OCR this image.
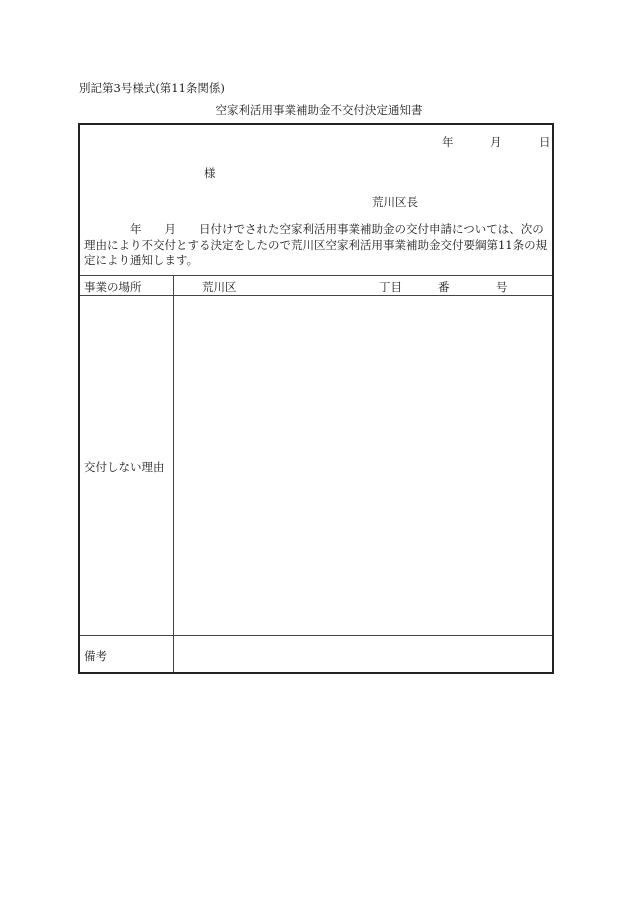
別記第3号様式(第11条関係)
空家利活用事業補助金不交付決定通知書
年	月	日
様
荒川区長
　　　　年　　月　　日付けでされた空家利活用事業補助金の交付申請については、次の理由により不交付とする決定をしたので荒川区空家利活用事業補助金交付要綱第11条の規定により通知します。
事業の場所	荒川区	丁目	番	号
交付しない理由
備考
